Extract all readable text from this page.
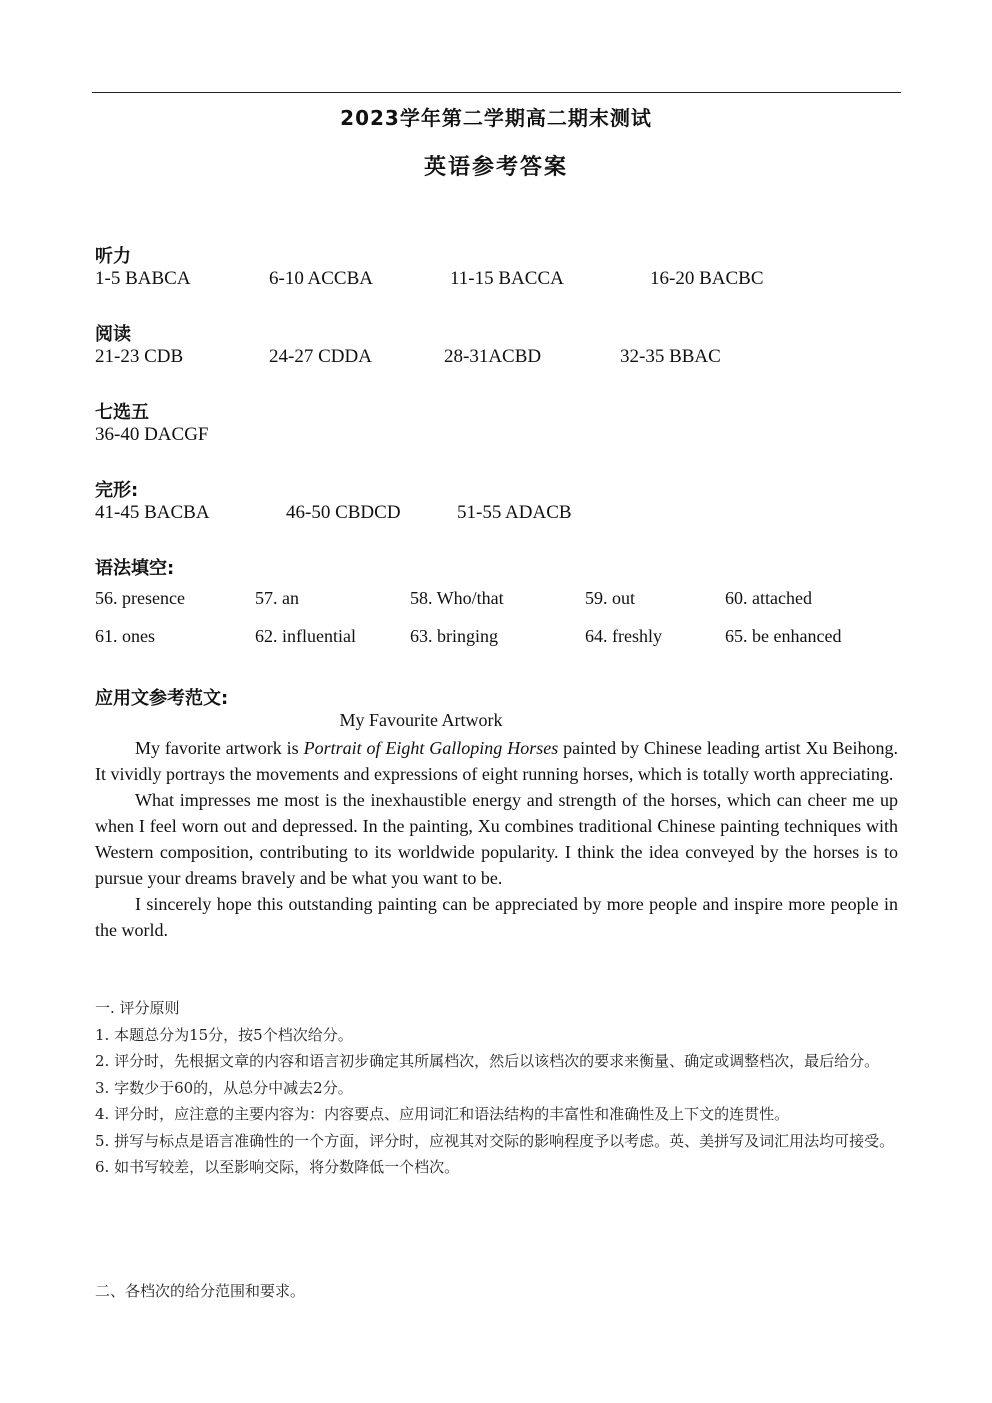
2023学年第二学期高二期末测试
英语参考答案
听力
1-5 BABCA	6-10 ACCBA	11-15 BACCA	16-20 BACBC
阅读
21-23 CDB	24-27 CDDA	28-31ACBD	32-35 BBAC
七选五
36-40 DACGF
完形:
41-45 BACBA	46-50 CBDCD	51-55 ADACB
语法填空:
56. presence	57. an	58. Who/that	59. out	60. attached
61. ones	62. influential	63. bringing	64. freshly	65. be enhanced
应用文参考范文:
My Favourite Artwork

My favorite artwork is Portrait of Eight Galloping Horses painted by Chinese leading artist Xu Beihong. It vividly portrays the movements and expressions of eight running horses, which is totally worth appreciating.

What impresses me most is the inexhaustible energy and strength of the horses, which can cheer me up when I feel worn out and depressed. In the painting, Xu combines traditional Chinese painting techniques with Western composition, contributing to its worldwide popularity. I think the idea conveyed by the horses is to pursue your dreams bravely and be what you want to be.

I sincerely hope this outstanding painting can be appreciated by more people and inspire more people in the world.

一. 评分原则
1. 本题总分为15分，按5个档次给分。
2. 评分时，先根据文章的内容和语言初步确定其所属档次，然后以该档次的要求来衡量、确定或调整档次，最后给分。
3. 字数少于60的，从总分中减去2分。
4. 评分时，应注意的主要内容为：内容要点、应用词汇和语法结构的丰富性和准确性及上下文的连贯性。
5. 拼写与标点是语言准确性的一个方面，评分时，应视其对交际的影响程度予以考虑。英、美拼写及词汇用法均可接受。
6. 如书写较差，以至影响交际，将分数降低一个档次。
二、各档次的给分范围和要求。
